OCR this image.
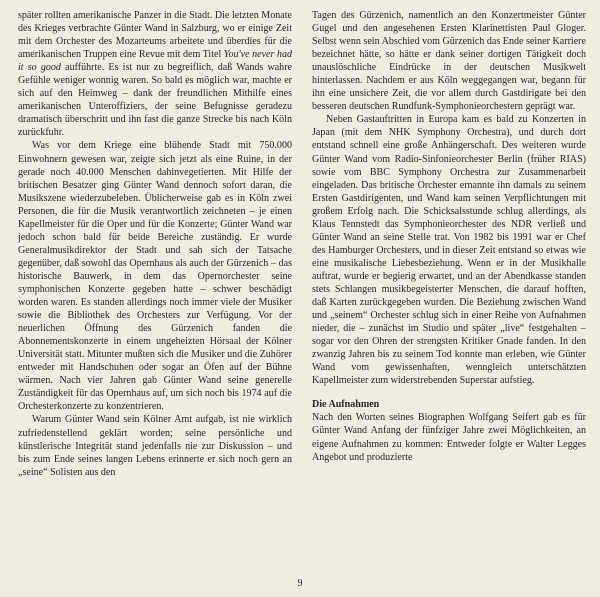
später rollten amerikanische Panzer in die Stadt. Die letzten Monate des Krieges verbrachte Günter Wand in Salzburg, wo er einige Zeit mit dem Orchester des Mozarteums arbeitete und überdies für die amerikanischen Truppen eine Revue mit dem Titel You've never had it so good aufführte. Es ist nur zu begreiflich, daß Wands wahre Gefühle weniger wonnig waren. So bald es möglich war, machte er sich auf den Heimweg – dank der freundlichen Mithilfe eines amerikanischen Unteroffiziers, der seine Befugnisse geradezu dramatisch überschritt und ihn fast die ganze Strecke bis nach Köln zurückfuhr.

Was vor dem Kriege eine blühende Stadt mit 750.000 Einwohnern gewesen war, zeigte sich jetzt als eine Ruine, in der gerade noch 40.000 Menschen dahinvegetierten. Mit Hilfe der britischen Besatzer ging Günter Wand dennoch sofort daran, die Musikszene wiederzubeleben. Üblicherweise gab es in Köln zwei Personen, die für die Musik verantwortlich zeichneten – je einen Kapellmeister für die Oper und für die Konzerte; Günter Wand war jedoch schon bald für beide Bereiche zuständig. Er wurde Generalmusikdirektor der Stadt und sah sich der Tatsache gegenüber, daß sowohl das Opernhaus als auch der Gürzenich – das historische Bauwerk, in dem das Opernorchester seine symphonischen Konzerte gegeben hatte – schwer beschädigt worden waren. Es standen allerdings noch immer viele der Musiker sowie die Bibliothek des Orchesters zur Verfügung. Vor der neuerlichen Öffnung des Gürzenich fanden die Abonnementskonzerte in einem ungeheizten Hörsaal der Kölner Universität statt. Mitunter mußten sich die Musiker und die Zuhörer entweder mit Handschuhen oder sogar an Öfen auf der Bühne wärmen. Nach vier Jahren gab Günter Wand seine generelle Zuständigkeit für das Opernhaus auf, um sich noch bis 1974 auf die Orchesterkonzerte zu konzentrieren.

Warum Günter Wand sein Kölner Amt aufgab, ist nie wirklich zufriedenstellend geklärt worden; seine persönliche und künstlerische Integrität stand jedenfalls nie zur Diskussion – und bis zum Ende seines langen Lebens erinnerte er sich noch gern an „seine“ Solisten aus den

Tagen des Gürzenich, namentlich an den Konzertmeister Günter Gugel und den angesehenen Ersten Klarinettisten Paul Gloger. Selbst wenn sein Abschied vom Gürzenich das Ende seiner Karriere bezeichnet hätte, so hätte er dank seiner dortigen Tätigkeit doch unauslöschliche Eindrücke in der deutschen Musikwelt hinterlassen. Nachdem er aus Köln weggegangen war, begann für ihn eine unsichere Zeit, die vor allem durch Gastdirigate bei den besseren deutschen Rundfunk-Symphonieorchestern geprägt war.

Neben Gastauftritten in Europa kam es bald zu Konzerten in Japan (mit dem NHK Symphony Orchestra), und durch dort entstand schnell eine große Anhängerschaft. Des weiteren wurde Günter Wand vom Radio-Sinfonieorchester Berlin (früher RIAS) sowie vom BBC Symphony Orchestra zur Zusammenarbeit eingeladen. Das britische Orchester ernannte ihn damals zu seinem Ersten Gastdirigenten, und Wand kam seinen Verpflichtungen mit großem Erfolg nach. Die Schicksalsstunde schlug allerdings, als Klaus Tennstedt das Symphonieorchester des NDR verließ und Günter Wand an seine Stelle trat. Von 1982 bis 1991 war er Chef des Hamburger Orchesters, und in dieser Zeit entstand so etwas wie eine musikalische Liebesbeziehung. Wenn er in der Musikhalle auftrat, wurde er begierig erwartet, und an der Abendkasse standen stets Schlangen musikbegeisterter Menschen, die darauf hofften, daß Karten zurückgegeben wurden. Die Beziehung zwischen Wand und „seinem“ Orchester schlug sich in einer Reihe von Aufnahmen nieder, die – zunächst im Studio und später „live“ festgehalten – sogar vor den Ohren der strengsten Kritiker Gnade fanden. In den zwanzig Jahren bis zu seinem Tod konnte man erleben, wie Günter Wand vom gewissenhaften, wenngleich unterschätzten Kapellmeister zum widerstrebenden Superstar aufstieg.

Die Aufnahmen

Nach den Worten seines Biographen Wolfgang Seifert gab es für Günter Wand Anfang der fünfziger Jahre zwei Möglichkeiten, an eigene Aufnahmen zu kommen: Entweder folgte er Walter Legges Angebot und produzierte

9
